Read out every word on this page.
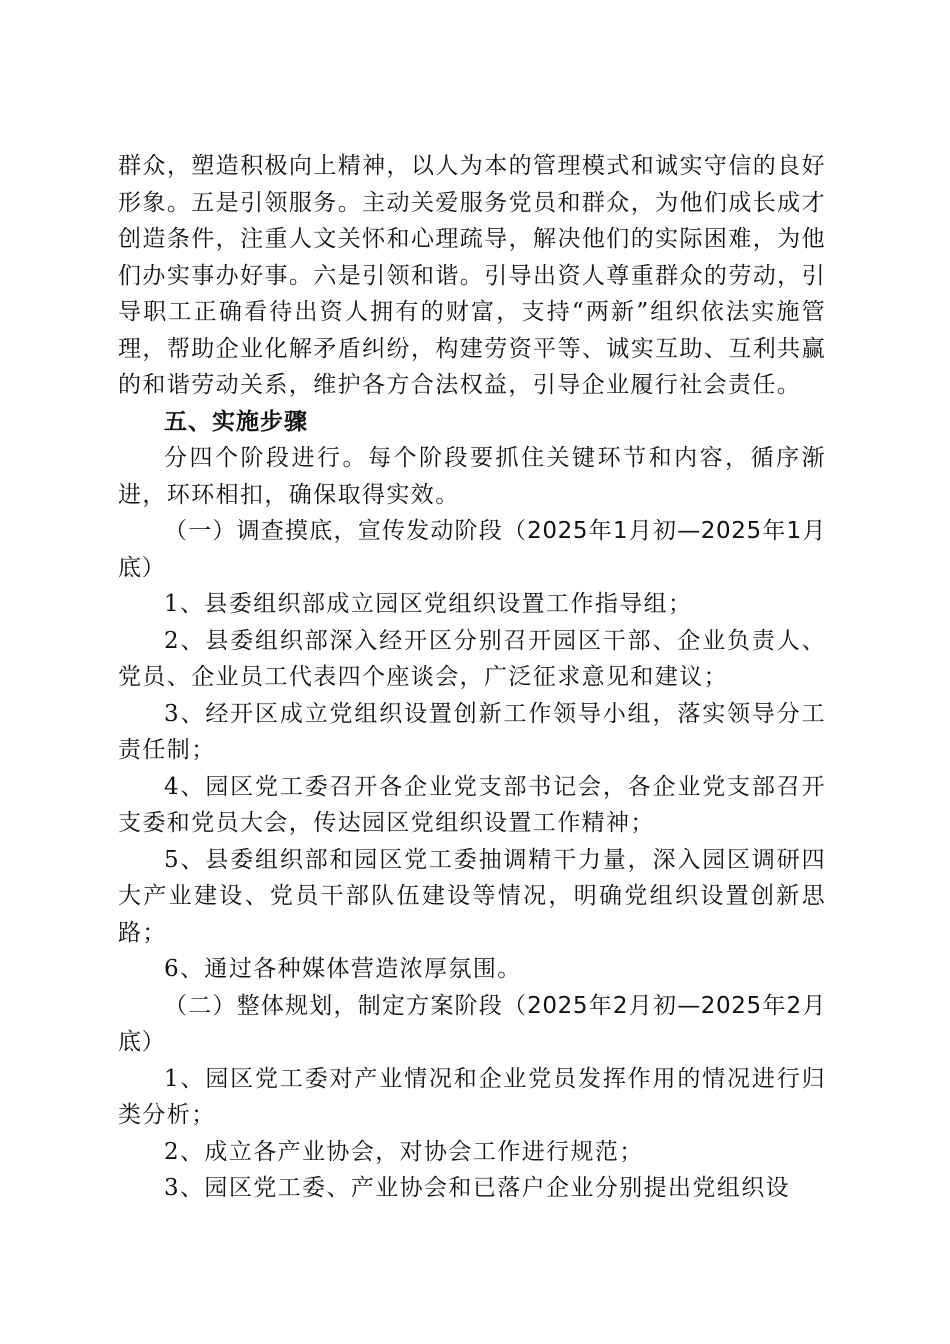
群众，塑造积极向上精神，以人为本的管理模式和诚实守信的良好形象。五是引领服务。主动关爱服务党员和群众，为他们成长成才创造条件，注重人文关怀和心理疏导，解决他们的实际困难，为他们办实事办好事。六是引领和谐。引导出资人尊重群众的劳动，引导职工正确看待出资人拥有的财富，支持“两新”组织依法实施管理，帮助企业化解矛盾纠纷，构建劳资平等、诚实互助、互利共赢的和谐劳动关系，维护各方合法权益，引导企业履行社会责任。

五、实施步骤

分四个阶段进行。每个阶段要抓住关键环节和内容，循序渐进，环环相扣，确保取得实效。

（一）调查摸底，宣传发动阶段（2025年1月初—2025年1月底）

1、县委组织部成立园区党组织设置工作指导组；

2、县委组织部深入经开区分别召开园区干部、企业负责人、党员、企业员工代表四个座谈会，广泛征求意见和建议；

3、经开区成立党组织设置创新工作领导小组，落实领导分工责任制；

4、园区党工委召开各企业党支部书记会，各企业党支部召开支委和党员大会，传达园区党组织设置工作精神；

5、县委组织部和园区党工委抽调精干力量，深入园区调研四大产业建设、党员干部队伍建设等情况，明确党组织设置创新思路；

6、通过各种媒体营造浓厚氛围。

（二）整体规划，制定方案阶段（2025年2月初—2025年2月底）

1、园区党工委对产业情况和企业党员发挥作用的情况进行归类分析；

2、成立各产业协会，对协会工作进行规范；

3、园区党工委、产业协会和已落户企业分别提出党组织设
